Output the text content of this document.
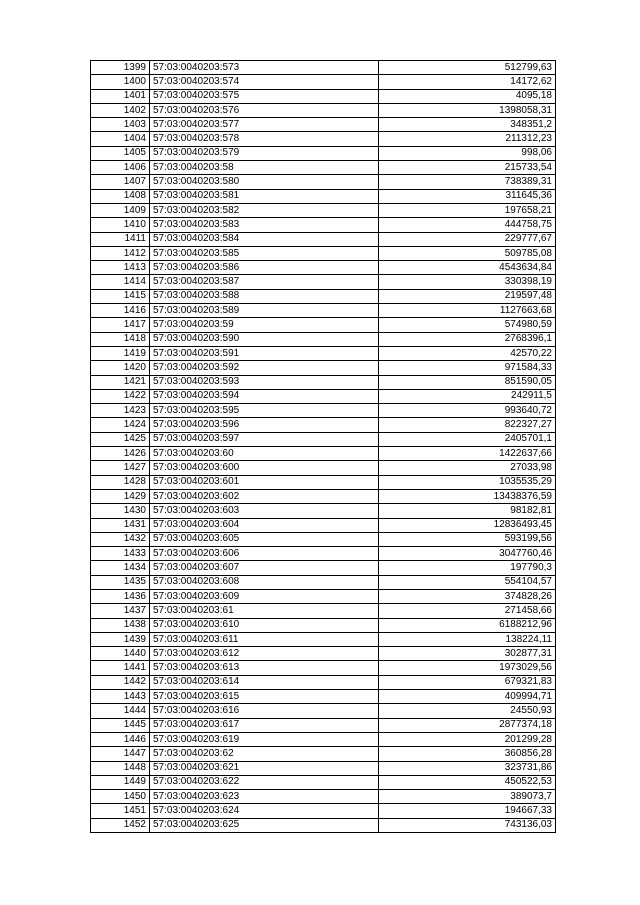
1399	57:03:0040203:573	512799,63
1400	57:03:0040203:574	14172,62
1401	57:03:0040203:575	4095,18
1402	57:03:0040203:576	1398058,31
1403	57:03:0040203:577	348351,2
1404	57:03:0040203:578	211312,23
1405	57:03:0040203:579	998,06
1406	57:03:0040203:58	215733,54
1407	57:03:0040203:580	738389,31
1408	57:03:0040203:581	311645,36
1409	57:03:0040203:582	197658,21
1410	57:03:0040203:583	444758,75
1411	57:03:0040203:584	229777,67
1412	57:03:0040203:585	509785,08
1413	57:03:0040203:586	4543634,84
1414	57:03:0040203:587	330398,19
1415	57:03:0040203:588	219597,48
1416	57:03:0040203:589	1127663,68
1417	57:03:0040203:59	574980,59
1418	57:03:0040203:590	2768396,1
1419	57:03:0040203:591	42570,22
1420	57:03:0040203:592	971584,33
1421	57:03:0040203:593	851590,05
1422	57:03:0040203:594	242911,5
1423	57:03:0040203:595	993640,72
1424	57:03:0040203:596	822327,27
1425	57:03:0040203:597	2405701,1
1426	57:03:0040203:60	1422637,66
1427	57:03:0040203:600	27033,98
1428	57:03:0040203:601	1035535,29
1429	57:03:0040203:602	13438376,59
1430	57:03:0040203:603	98182,81
1431	57:03:0040203:604	12836493,45
1432	57:03:0040203:605	593199,56
1433	57:03:0040203:606	3047760,46
1434	57:03:0040203:607	197790,3
1435	57:03:0040203:608	554104,57
1436	57:03:0040203:609	374828,26
1437	57:03:0040203:61	271458,66
1438	57:03:0040203:610	6188212,96
1439	57:03:0040203:611	138224,11
1440	57:03:0040203:612	302877,31
1441	57:03:0040203:613	1973029,56
1442	57:03:0040203:614	679321,83
1443	57:03:0040203:615	409994,71
1444	57:03:0040203:616	24550,93
1445	57:03:0040203:617	2877374,18
1446	57:03:0040203:619	201299,28
1447	57:03:0040203:62	360856,28
1448	57:03:0040203:621	323731,86
1449	57:03:0040203:622	450522,53
1450	57:03:0040203:623	389073,7
1451	57:03:0040203:624	194667,33
1452	57:03:0040203:625	743136,03
